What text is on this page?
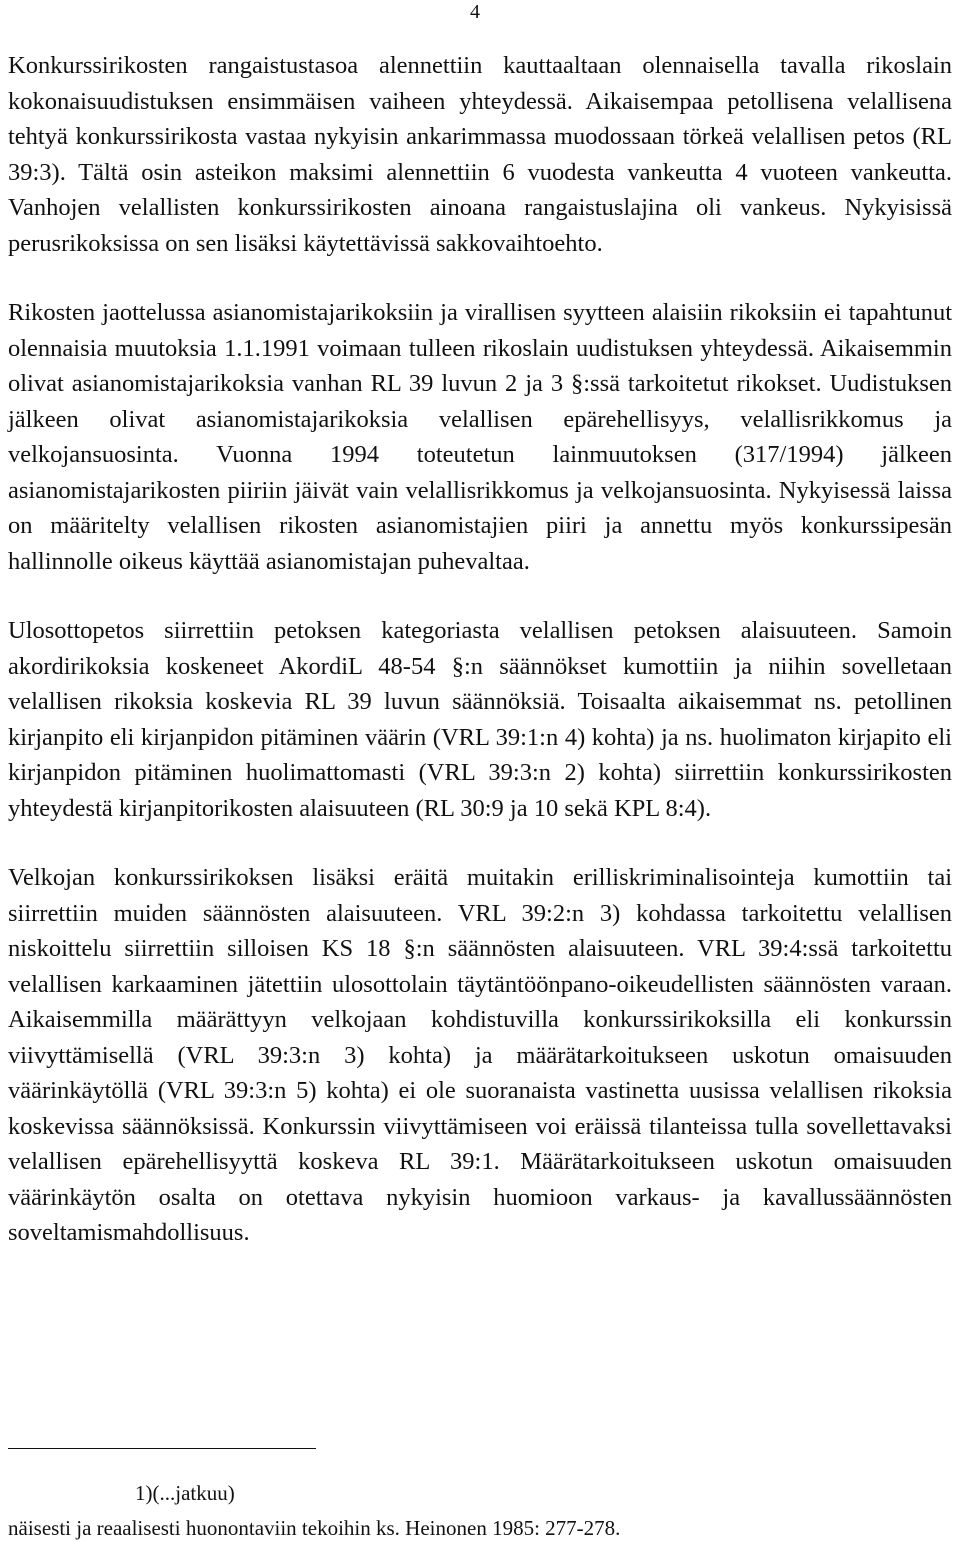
4

Konkurssirikosten rangaistustasoa alennettiin kauttaaltaan olennaisella tavalla rikoslain kokonaisuudistuksen ensimmäisen vaiheen yhteydessä. Aikaisempaa petollisena velallisena tehtyä konkurssirikosta vastaa nykyisin ankarimmassa muodossaan törkeä velallisen petos (RL 39:3). Tältä osin asteikon maksimi alennettiin 6 vuodesta vankeutta 4 vuoteen vankeutta. Vanhojen velallisten konkurssirikosten ainoana rangaistuslajina oli vankeus. Nykyisissä perusrikoksissa on sen lisäksi käytettävissä sakkovaihtoehto.

Rikosten jaottelussa asianomistajarikoksiin ja virallisen syytteen alaisiin rikoksiin ei tapahtunut olennaisia muutoksia 1.1.1991 voimaan tulleen rikoslain uudistuksen yhteydessä. Aikaisemmin olivat asianomistajarikoksia vanhan RL 39 luvun 2 ja 3 §:ssä tarkoitetut rikokset. Uudistuksen jälkeen olivat asianomistajarikoksia velallisen epärehellisyys, velallisrikkomus ja velkojansuosinta. Vuonna 1994 toteutetun lainmuutoksen (317/1994) jälkeen asianomistajarikosten piiriin jäivät vain velallisrikkomus ja velkojansuosinta. Nykyisessä laissa on määritelty velallisen rikosten asianomistajien piiri ja annettu myös konkurssipesän hallinnolle oikeus käyttää asianomistajan puhevaltaa.

Ulosottopetos siirrettiin petoksen kategoriasta velallisen petoksen alaisuuteen. Samoin akordirikoksia koskeneet AkordiL 48-54 §:n säännökset kumottiin ja niihin sovelletaan velallisen rikoksia koskevia RL 39 luvun säännöksiä. Toisaalta aikaisemmat ns. petollinen kirjanpito eli kirjanpidon pitäminen väärin (VRL 39:1:n 4) kohta) ja ns. huolimaton kirjapito eli kirjanpidon pitäminen huolimattomasti (VRL 39:3:n 2) kohta) siirrettiin konkurssirikosten yhteydestä kirjanpitorikosten alaisuuteen (RL 30:9 ja 10 sekä KPL 8:4).

Velkojan konkurssirikoksen lisäksi eräitä muitakin erilliskriminalisointeja kumottiin tai siirrettiin muiden säännösten alaisuuteen. VRL 39:2:n 3) kohdassa tarkoitettu velallisen niskoittelu siirrettiin silloisen KS 18 §:n säännösten alaisuuteen. VRL 39:4:ssä tarkoitettu velallisen karkaaminen jätettiin ulosottolain täytäntöönpano-oikeudellisten säännösten varaan. Aikaisemmilla määrättyyn velkojaan kohdistuvilla konkurssirikoksilla eli konkurssin viivyttämisellä (VRL 39:3:n 3) kohta) ja määrätarkoitukseen uskotun omaisuuden väärinkäytöllä (VRL 39:3:n 5) kohta) ei ole suoranaista vastinetta uusissa velallisen rikoksia koskevissa säännöksissä. Konkurssin viivyttämiseen voi eräissä tilanteissa tulla sovellettavaksi velallisen epärehellisyyttä koskeva RL 39:1. Määrätarkoitukseen uskotun omaisuuden väärinkäytön osalta on otettava nykyisin huomioon varkaus- ja kavallussäännösten soveltamismahdollisuus.

1)(...jatkuu)
näisesti ja reaalisesti huonontaviin tekoihin ks. Heinonen 1985: 277-278.
